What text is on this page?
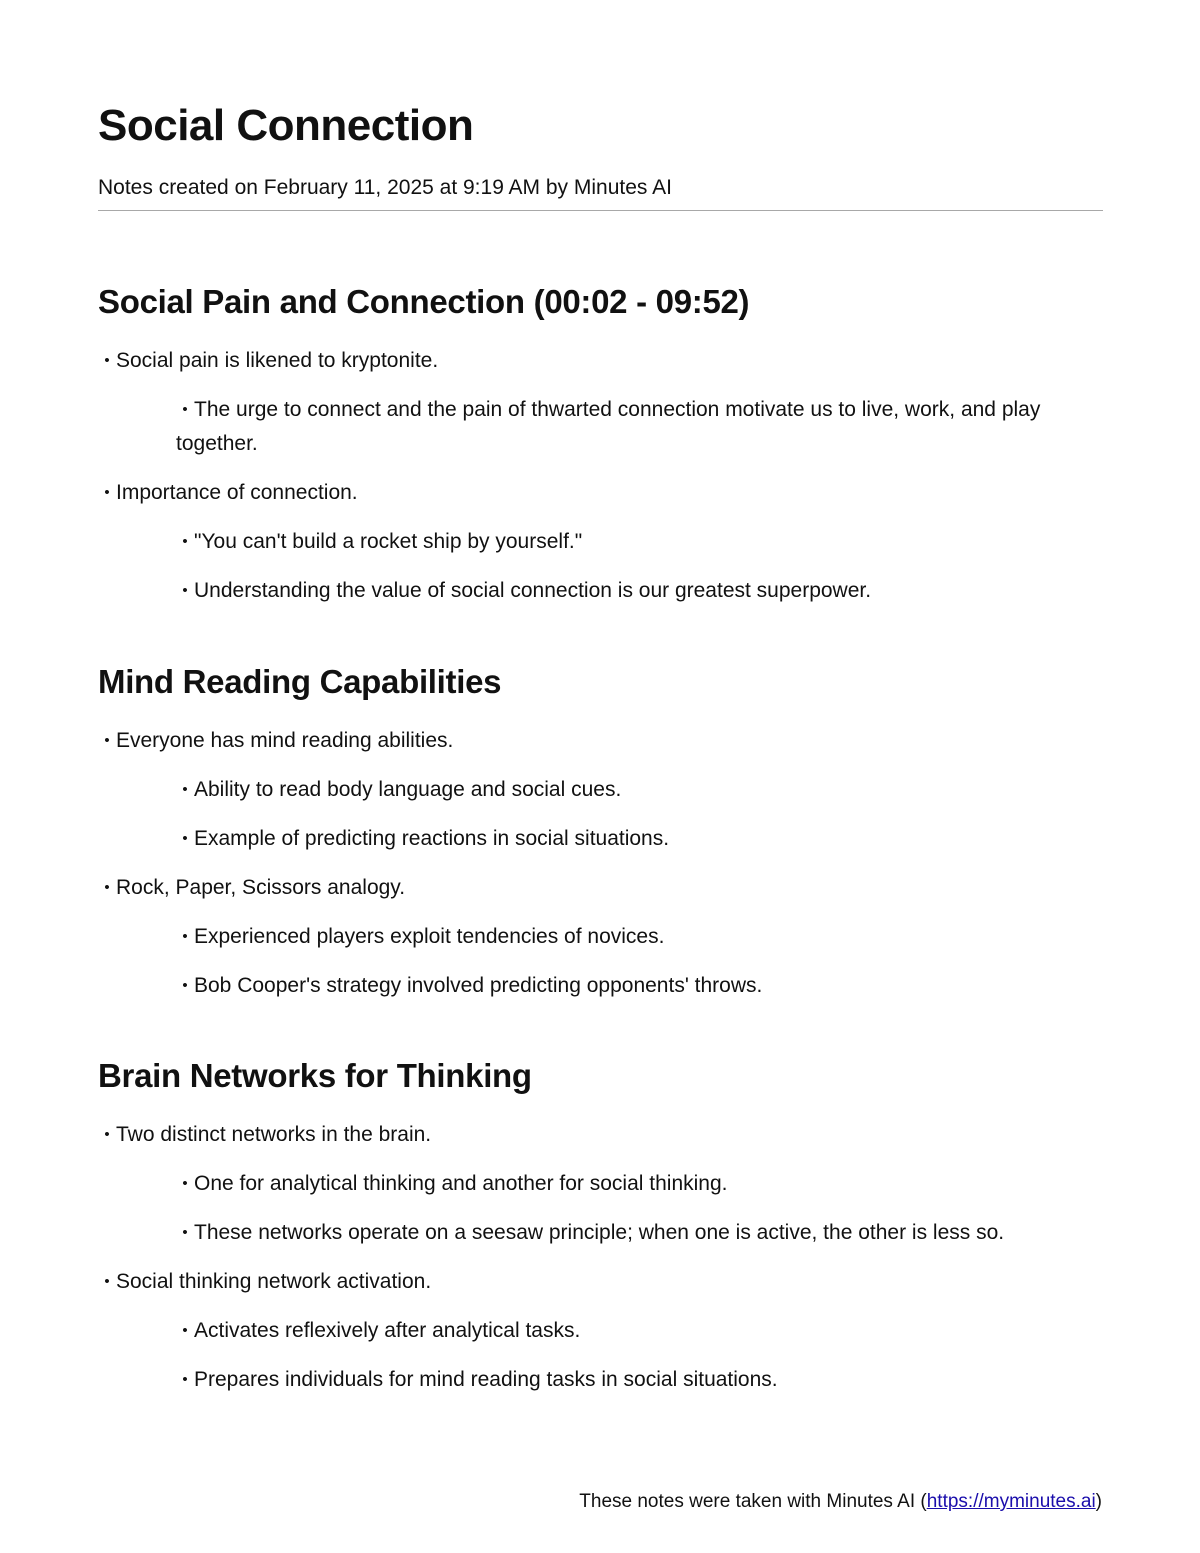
Social Connection

Notes created on February 11, 2025 at 9:19 AM by Minutes AI

Social Pain and Connection (00:02 - 09:52)
• Social pain is likened to kryptonite.
• The urge to connect and the pain of thwarted connection motivate us to live, work, and play together.
• Importance of connection.
• "You can't build a rocket ship by yourself."
• Understanding the value of social connection is our greatest superpower.
Mind Reading Capabilities
• Everyone has mind reading abilities.
• Ability to read body language and social cues.
• Example of predicting reactions in social situations.
• Rock, Paper, Scissors analogy.
• Experienced players exploit tendencies of novices.
• Bob Cooper's strategy involved predicting opponents' throws.
Brain Networks for Thinking
• Two distinct networks in the brain.
• One for analytical thinking and another for social thinking.
• These networks operate on a seesaw principle; when one is active, the other is less so.
• Social thinking network activation.
• Activates reflexively after analytical tasks.
• Prepares individuals for mind reading tasks in social situations.
These notes were taken with Minutes AI (https://myminutes.ai)
